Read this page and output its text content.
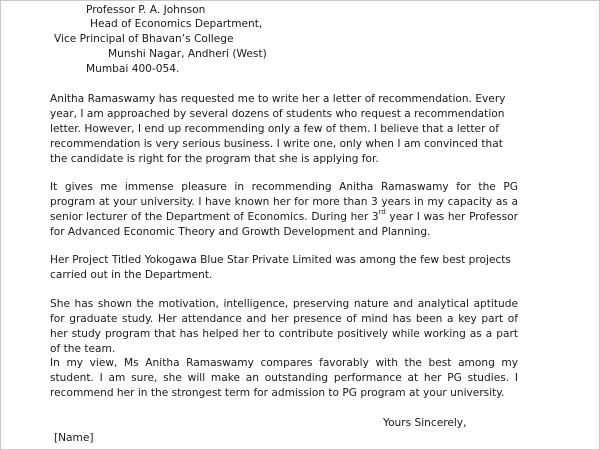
Professor P. A. Johnson
Head of Economics Department,
Vice Principal of Bhavan’s College
Munshi Nagar, Andheri (West)
Mumbai 400-054.

Anitha Ramaswamy has requested me to write her a letter of recommendation. Every year, I am approached by several dozens of students who request a recommendation letter. However, I end up recommending only a few of them. I believe that a letter of recommendation is very serious business. I write one, only when I am convinced that the candidate is right for the program that she is applying for.

It gives me immense pleasure in recommending Anitha Ramaswamy for the PG program at your university. I have known her for more than 3 years in my capacity as a senior lecturer of the Department of Economics. During her 3rd year I was her Professor for Advanced Economic Theory and Growth Development and Planning.

Her Project Titled Yokogawa Blue Star Private Limited was among the few best projects carried out in the Department.

She has shown the motivation, intelligence, preserving nature and analytical aptitude for graduate study. Her attendance and her presence of mind has been a key part of her study program that has helped her to contribute positively while working as a part of the team.

In my view, Ms Anitha Ramaswamy compares favorably with the best among my student. I am sure, she will make an outstanding performance at her PG studies. I recommend her in the strongest term for admission to PG program at your university.

Yours Sincerely,
[Name]
